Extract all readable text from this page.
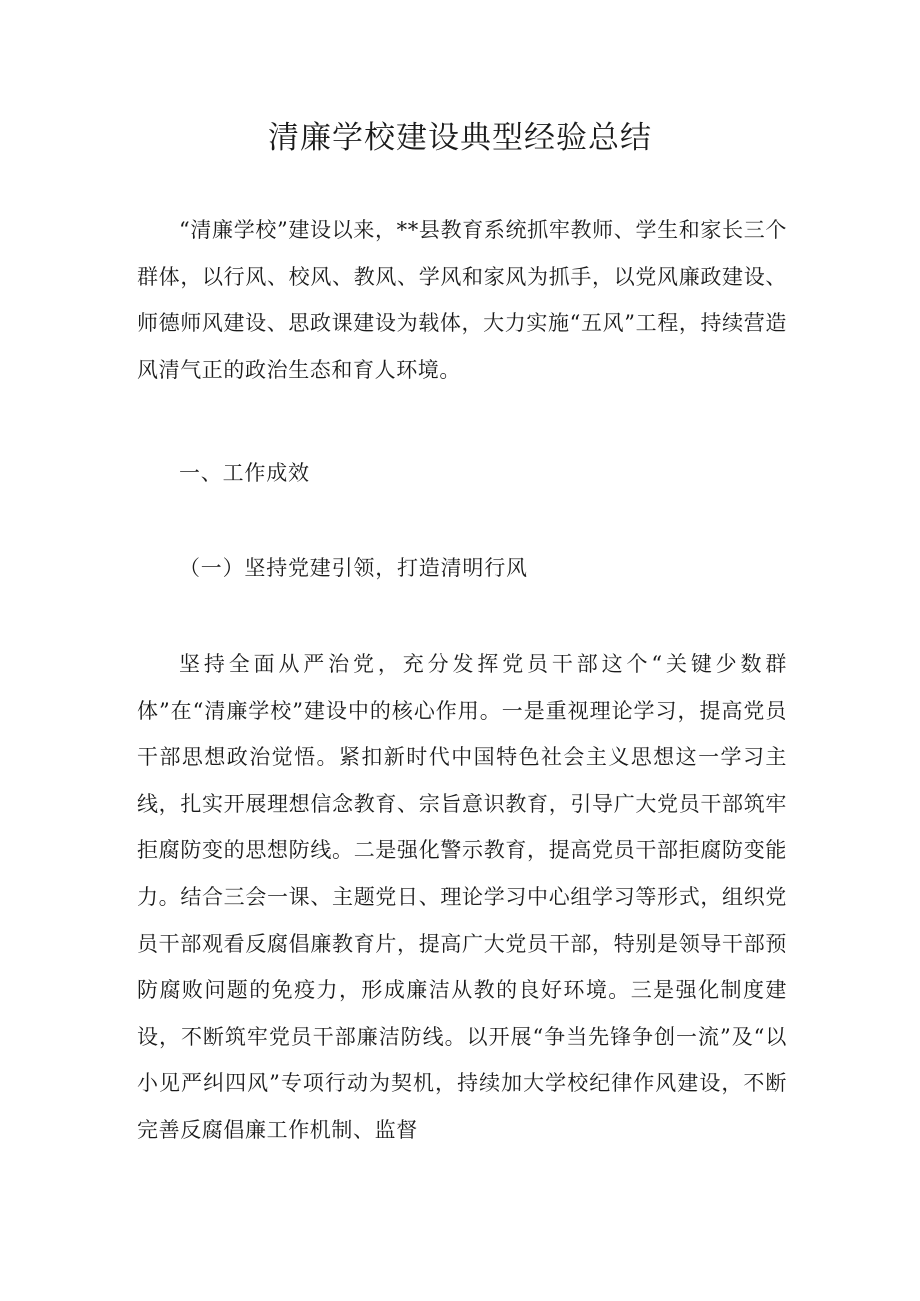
清廉学校建设典型经验总结

“清廉学校”建设以来，**县教育系统抓牢教师、学生和家长三个群体，以行风、校风、教风、学风和家风为抓手，以党风廉政建设、师德师风建设、思政课建设为载体，大力实施“五风”工程，持续营造风清气正的政治生态和育人环境。

一、工作成效

（一）坚持党建引领，打造清明行风

坚持全面从严治党，充分发挥党员干部这个“关键少数群体”在“清廉学校”建设中的核心作用。一是重视理论学习，提高党员干部思想政治觉悟。紧扣新时代中国特色社会主义思想这一学习主线，扎实开展理想信念教育、宗旨意识教育，引导广大党员干部筑牢拒腐防变的思想防线。二是强化警示教育，提高党员干部拒腐防变能力。结合三会一课、主题党日、理论学习中心组学习等形式，组织党员干部观看反腐倡廉教育片，提高广大党员干部，特别是领导干部预防腐败问题的免疫力，形成廉洁从教的良好环境。三是强化制度建设，不断筑牢党员干部廉洁防线。以开展“争当先锋争创一流”及“以小见严纠四风”专项行动为契机，持续加大学校纪律作风建设，不断完善反腐倡廉工作机制、监督
